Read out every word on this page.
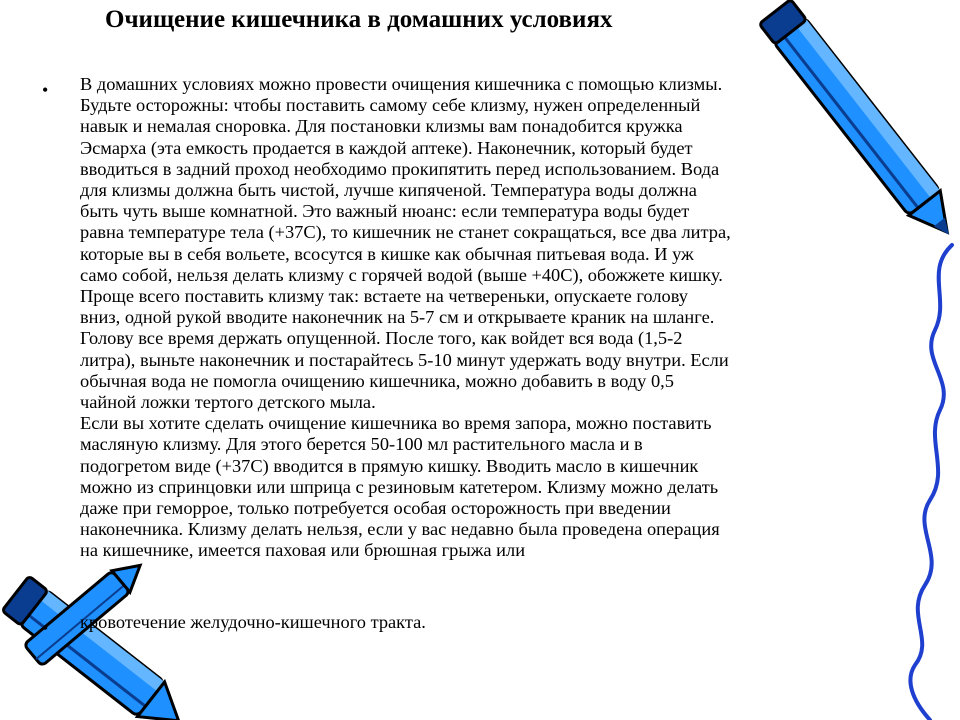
Очищение кишечника в домашних условиях
• В домашних условиях можно провести очищения кишечника с помощью клизмы.
Будьте осторожны: чтобы поставить самому себе клизму, нужен определенный
навык и немалая сноровка. Для постановки клизмы вам понадобится кружка
Эсмарха (эта емкость продается в каждой аптеке). Наконечник, который будет
вводиться в задний проход необходимо прокипятить перед использованием. Вода
для клизмы должна быть чистой, лучше кипяченой. Температура воды должна
быть чуть выше комнатной. Это важный нюанс: если температура воды будет
равна температуре тела (+37С), то кишечник не станет сокращаться, все два литра,
которые вы в себя вольете, всосутся в кишке как обычная питьевая вода. И уж
само собой, нельзя делать клизму с горячей водой (выше +40С), обожжете кишку.
Проще всего поставить клизму так: встаете на четвереньки, опускаете голову
вниз, одной рукой вводите наконечник на 5-7 см и открываете краник на шланге.
Голову все время держать опущенной. После того, как войдет вся вода (1,5-2
литра), выньте наконечник и постарайтесь 5-10 минут удержать воду внутри. Если
обычная вода не помогла очищению кишечника, можно добавить в воду 0,5
чайной ложки тертого детского мыла.
Если вы хотите сделать очищение кишечника во время запора, можно поставить
масляную клизму. Для этого берется 50-100 мл растительного масла и в
подогретом виде (+37С) вводится в прямую кишку. Вводить масло в кишечник
можно из спринцовки или шприца с резиновым катетером. Клизму можно делать
даже при геморрое, только потребуется особая осторожность при введении
наконечника. Клизму делать нельзя, если у вас недавно была проведена операция
на кишечнике, имеется паховая или брюшная грыжа или
• кровотечение желудочно-кишечного тракта.
